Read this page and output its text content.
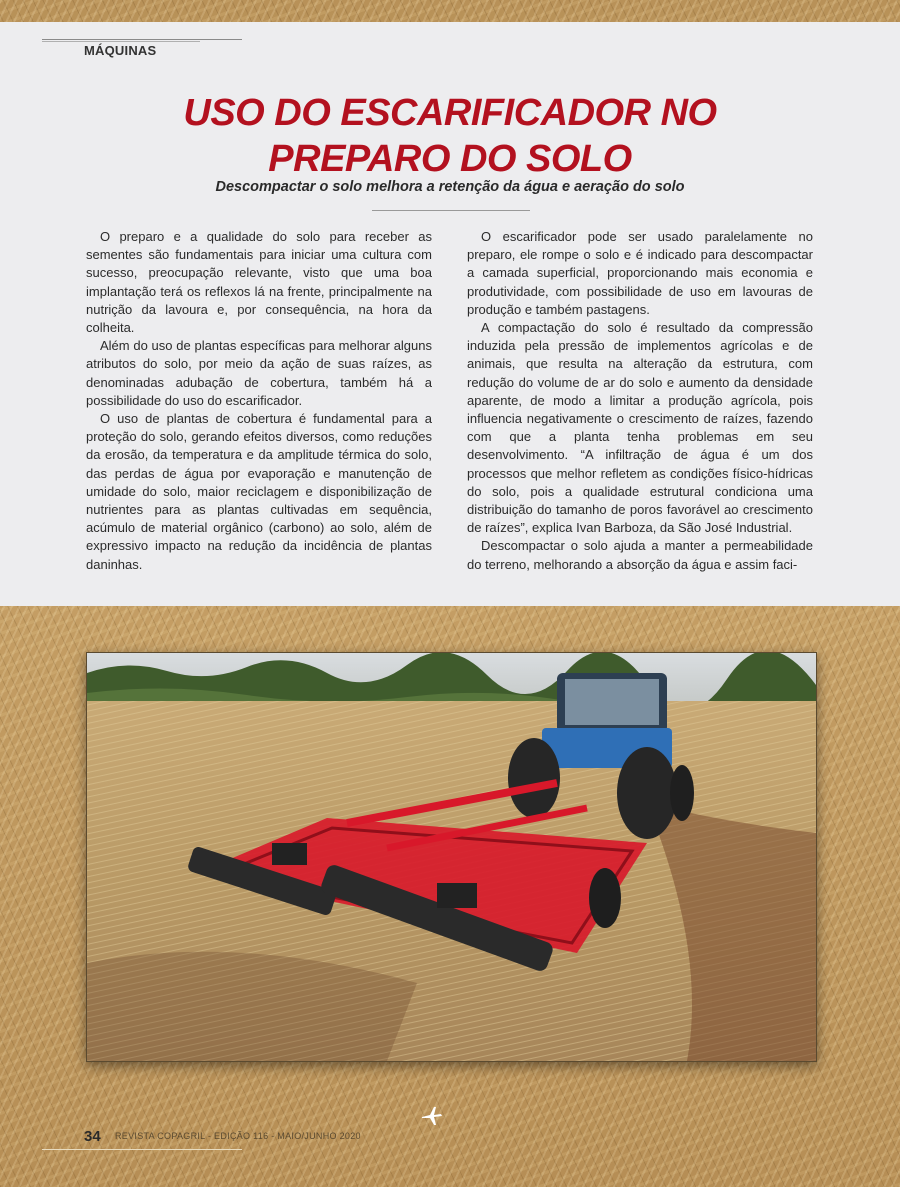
MÁQUINAS

USO DO ESCARIFICADOR NO
PREPARO DO SOLO

Descompactar o solo melhora a retenção da água e aeração do solo

O preparo e a qualidade do solo para receber as sementes são fundamentais para iniciar uma cultura com sucesso, preocupação relevante, visto que uma boa implantação terá os reflexos lá na frente, principalmente na nutrição da lavoura e, por consequência, na hora da colheita.

Além do uso de plantas específicas para melhorar alguns atributos do solo, por meio da ação de suas raízes, as denominadas adubação de cobertura, também há a possibilidade do uso do escarificador.

O uso de plantas de cobertura é fundamental para a proteção do solo, gerando efeitos diversos, como reduções da erosão, da temperatura e da amplitude térmica do solo, das perdas de água por evaporação e manutenção de umidade do solo, maior reciclagem e disponibilização de nutrientes para as plantas cultivadas em sequência, acúmulo de material orgânico (carbono) ao solo, além de expressivo impacto na redução da incidência de plantas daninhas.

O escarificador pode ser usado paralelamente no preparo, ele rompe o solo e é indicado para descompactar a camada superficial, proporcionando mais economia e produtividade, com possibilidade de uso em lavouras de produção e também pastagens.

A compactação do solo é resultado da compressão induzida pela pressão de implementos agrícolas e de animais, que resulta na alteração da estrutura, com redução do volume de ar do solo e aumento da densidade aparente, de modo a limitar a produção agrícola, pois influencia negativamente o crescimento de raízes, fazendo com que a planta tenha problemas em seu desenvolvimento. “A infiltração de água é um dos processos que melhor refletem as condições físico-hídricas do solo, pois a qualidade estrutural condiciona uma distribuição do tamanho de poros favorável ao crescimento de raízes”, explica Ivan Barboza, da São José Industrial.

Descompactar o solo ajuda a manter a permeabilidade do terreno, melhorando a absorção da água e assim faci-

34 REVISTA COPAGRIL - EDIÇÃO 116 - MAIO/JUNHO 2020
